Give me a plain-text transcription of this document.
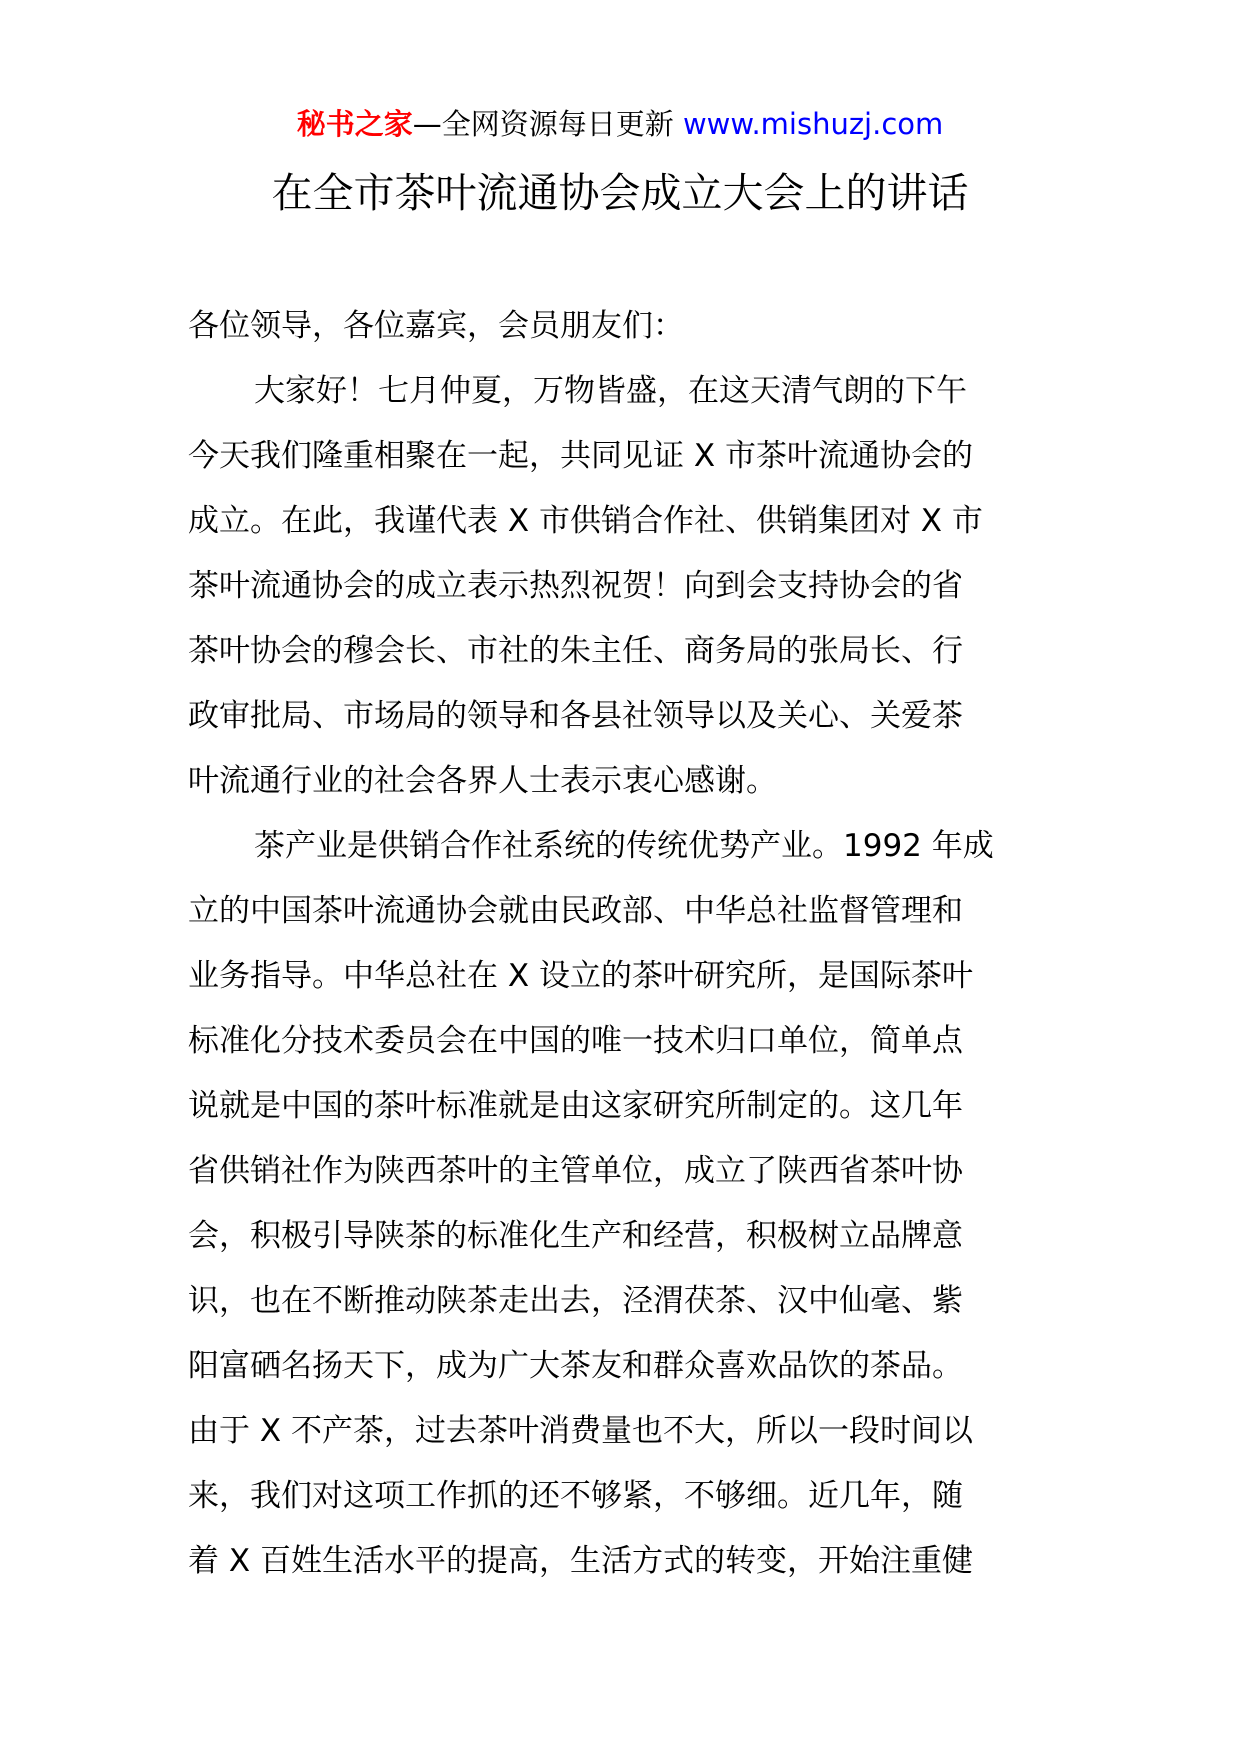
秘书之家—全网资源每日更新 www.mishuzj.com
在全市茶叶流通协会成立大会上的讲话
各位领导，各位嘉宾，会员朋友们：
大家好！七月仲夏，万物皆盛，在这天清气朗的下午
今天我们隆重相聚在一起，共同见证 X 市茶叶流通协会的
成立。在此，我谨代表 X 市供销合作社、供销集团对 X 市
茶叶流通协会的成立表示热烈祝贺！向到会支持协会的省
茶叶协会的穆会长、市社的朱主任、商务局的张局长、行
政审批局、市场局的领导和各县社领导以及关心、关爱茶
叶流通行业的社会各界人士表示衷心感谢。
茶产业是供销合作社系统的传统优势产业。1992 年成
立的中国茶叶流通协会就由民政部、中华总社监督管理和
业务指导。中华总社在 X 设立的茶叶研究所，是国际茶叶
标准化分技术委员会在中国的唯一技术归口单位，简单点
说就是中国的茶叶标准就是由这家研究所制定的。这几年
省供销社作为陕西茶叶的主管单位，成立了陕西省茶叶协
会，积极引导陕茶的标准化生产和经营，积极树立品牌意
识，也在不断推动陕茶走出去，泾渭茯茶、汉中仙毫、紫
阳富硒名扬天下，成为广大茶友和群众喜欢品饮的茶品。
由于 X 不产茶，过去茶叶消费量也不大，所以一段时间以
来，我们对这项工作抓的还不够紧，不够细。近几年，随
着 X 百姓生活水平的提高，生活方式的转变，开始注重健
